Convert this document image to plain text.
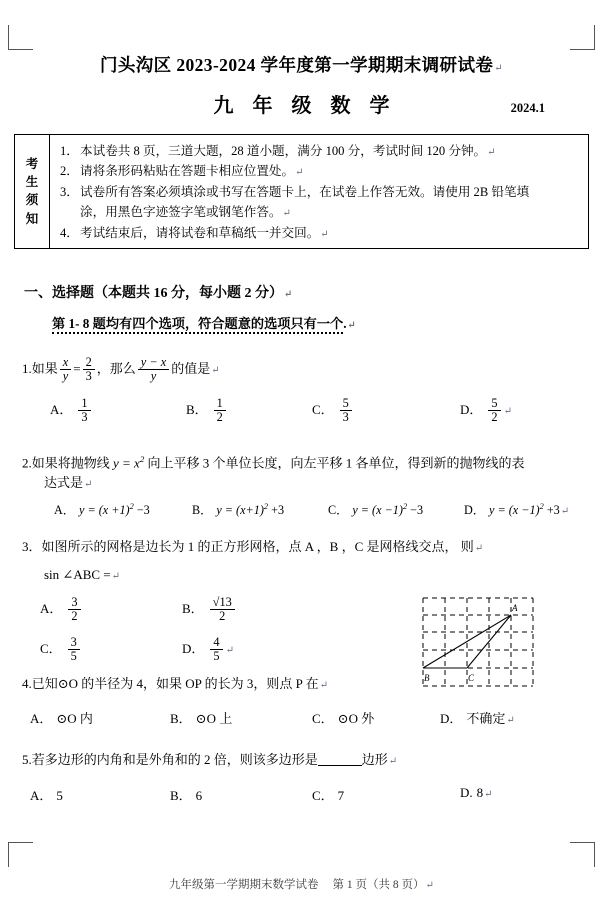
门头沟区 2023-2024 学年度第一学期期末调研试卷↵
九 年 级 数 学	2024.1
考
生
须
知
1． 本试卷共 8 页，三道大题，28 道小题，满分 100 分，考试时间 120 分钟。↵
2． 请将条形码粘贴在答题卡相应位置处。↵
3． 试卷所有答案必须填涂或书写在答题卡上，在试卷上作答无效。请使用 2B 铅笔填
涂，用黑色字迹签字笔或钢笔作答。↵
4． 考试结束后，请将试卷和草稿纸一并交回。↵
一、选择题（本题共 16 分，每小题 2 分）↵
第 1- 8 题均有四个选项，符合题意的选项只有一个.↵
1.如果 $\frac{x}{y} = \frac{2}{3}$ ，那么 $\frac{y - x}{y}$ 的值是↵
A． $\frac{1}{3}$	B． $\frac{1}{2}$	C． $\frac{5}{3}$	D． $\frac{5}{2}$ ↵
2.如果将抛物线 $y = x^2$ 向上平移 3 个单位长度，向左平移 1 各单位，得到新的抛物线的表
达式是↵
A． $y = (x +1)^2 -3$	B． $y = (x+1)^2 +3$	C． $y = (x -1)^2 -3$	D． $y = (x -1)^2$ +3↵
3．如图所示的网格是边长为 1 的正方形网格，点 A ，B ，C 是网格线交点， 则↵
sin ∠ABC =↵
A． $\frac{3}{2}$	B． $\frac{√13}{2}$
C． $\frac{3}{5}$	D． $\frac{4}{5}$ ↵
4.已知⊙O 的半径为 4，如果 OP 的长为 3，则点 P 在↵
A． ⊙O 内	B． ⊙O 上	C． ⊙O 外	D． 不确定↵
5.若多边形的内角和是外角和的 2 倍，则该多边形是	边形↵
A． 5	B． 6	C． 7	D. 8↵
B	C
A
九年级第一学期期末数学试卷 第 1 页（共 8 页）↵
